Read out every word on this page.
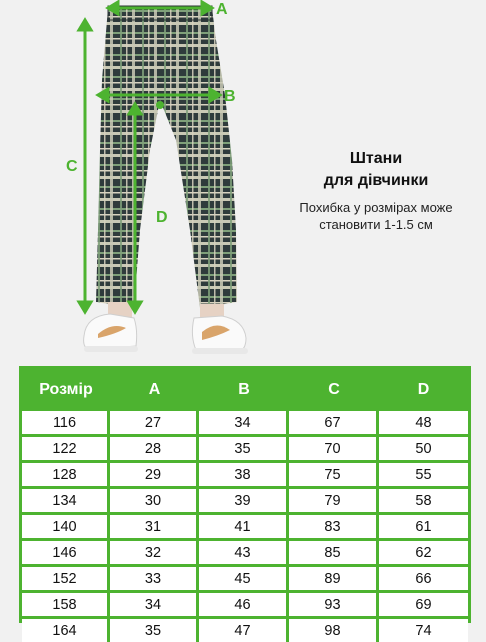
A
B
C
D
Штани
для дівчинки
Похибка у розмірах може
становити 1-1.5 см
Розмір	A	B	C	D
116	27	34	67	48
122	28	35	70	50
128	29	38	75	55
134	30	39	79	58
140	31	41	83	61
146	32	43	85	62
152	33	45	89	66
158	34	46	93	69
164	35	47	98	74
